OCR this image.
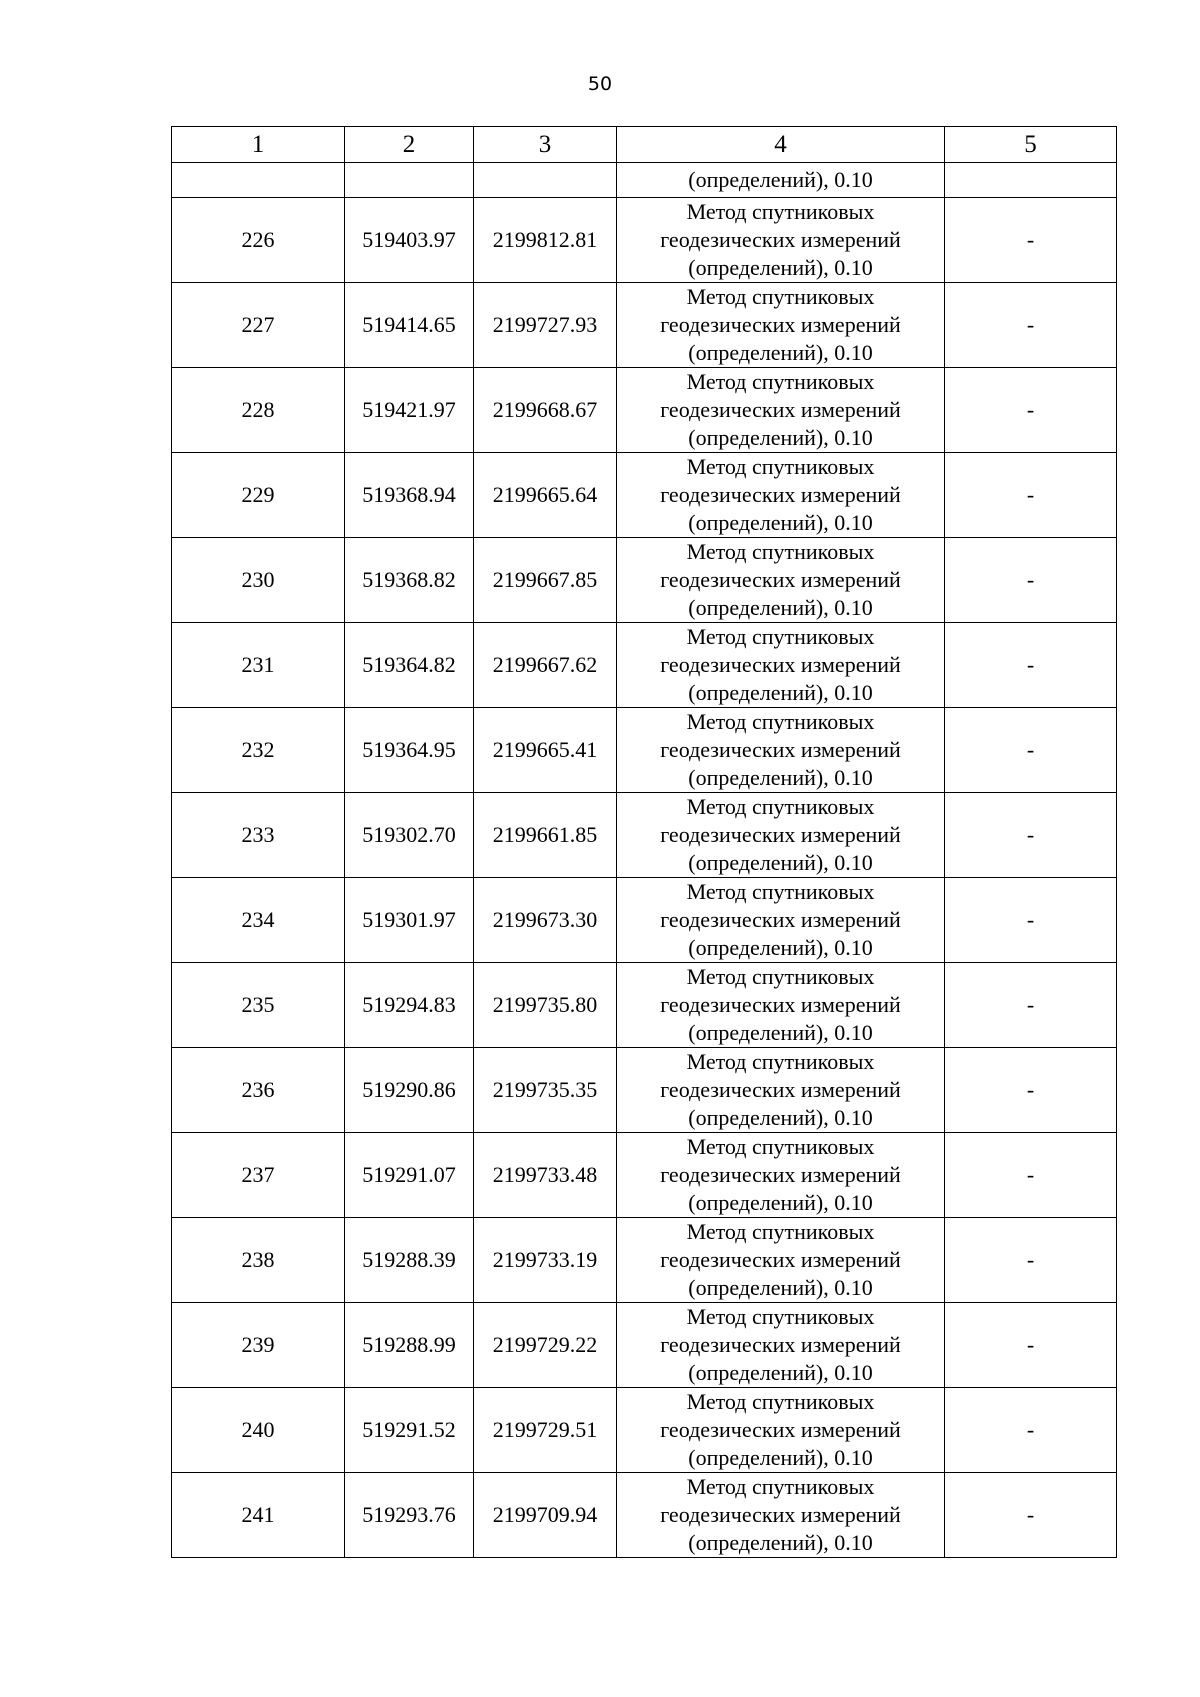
50
1	2	3	4	5
			(определений), 0.10	
226	519403.97	2199812.81	Метод спутниковых геодезических измерений (определений), 0.10	-
227	519414.65	2199727.93	Метод спутниковых геодезических измерений (определений), 0.10	-
228	519421.97	2199668.67	Метод спутниковых геодезических измерений (определений), 0.10	-
229	519368.94	2199665.64	Метод спутниковых геодезических измерений (определений), 0.10	-
230	519368.82	2199667.85	Метод спутниковых геодезических измерений (определений), 0.10	-
231	519364.82	2199667.62	Метод спутниковых геодезических измерений (определений), 0.10	-
232	519364.95	2199665.41	Метод спутниковых геодезических измерений (определений), 0.10	-
233	519302.70	2199661.85	Метод спутниковых геодезических измерений (определений), 0.10	-
234	519301.97	2199673.30	Метод спутниковых геодезических измерений (определений), 0.10	-
235	519294.83	2199735.80	Метод спутниковых геодезических измерений (определений), 0.10	-
236	519290.86	2199735.35	Метод спутниковых геодезических измерений (определений), 0.10	-
237	519291.07	2199733.48	Метод спутниковых геодезических измерений (определений), 0.10	-
238	519288.39	2199733.19	Метод спутниковых геодезических измерений (определений), 0.10	-
239	519288.99	2199729.22	Метод спутниковых геодезических измерений (определений), 0.10	-
240	519291.52	2199729.51	Метод спутниковых геодезических измерений (определений), 0.10	-
241	519293.76	2199709.94	Метод спутниковых геодезических измерений (определений), 0.10	-
